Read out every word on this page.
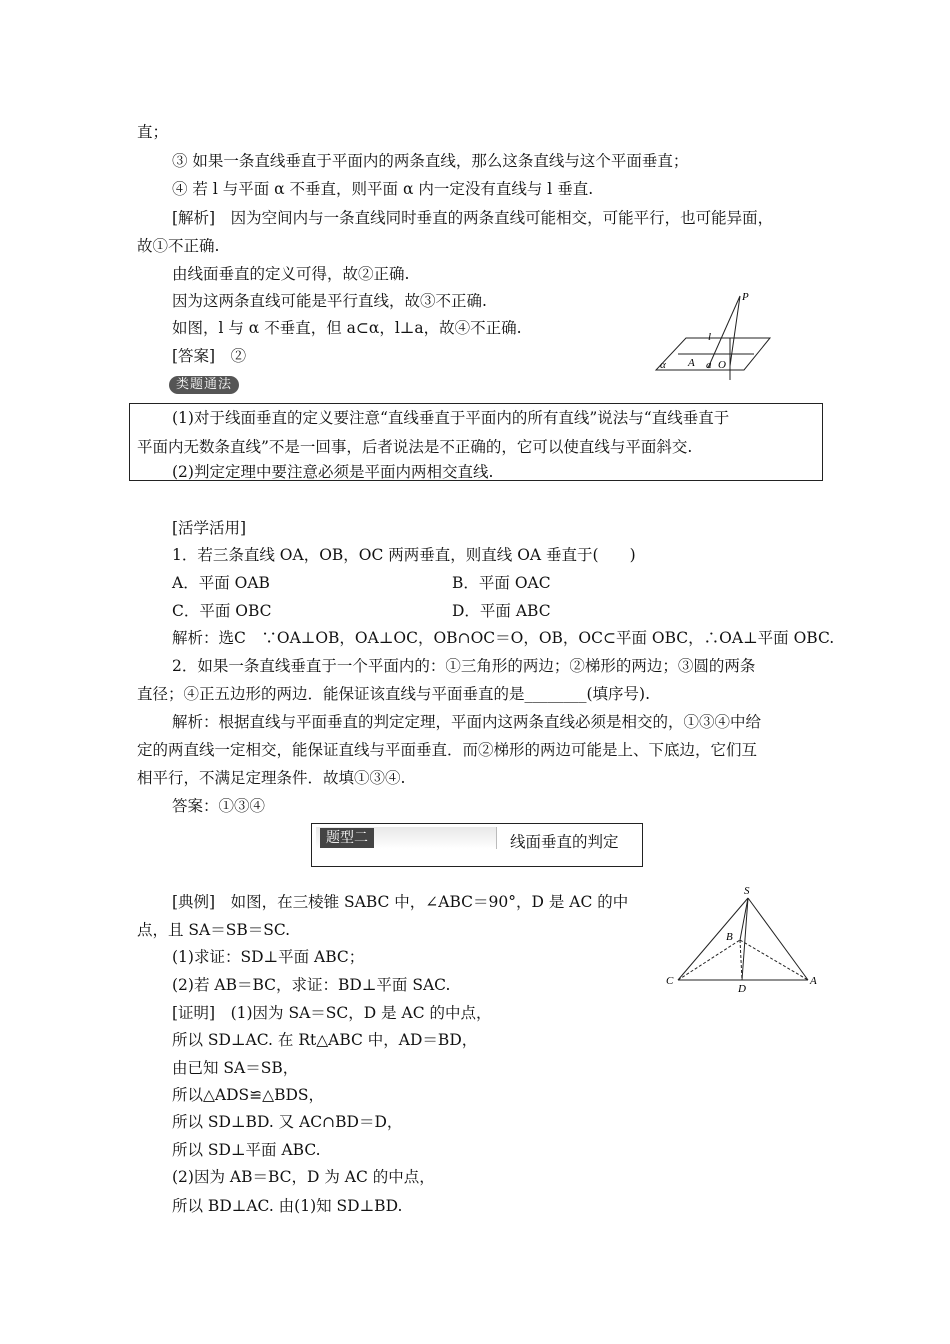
直；
③ 如果一条直线垂直于平面内的两条直线，那么这条直线与这个平面垂直；
④ 若 l 与平面 α 不垂直，则平面 α 内一定没有直线与 l 垂直.
[解析]　因为空间内与一条直线同时垂直的两条直线可能相交，可能平行，也可能异面，
故①不正确.
由线面垂直的定义可得，故②正确.
因为这两条直线可能是平行直线，故③不正确.
如图，l 与 α 不垂直，但 a⊂α，l⊥a，故④不正确.
[答案]　②
P
l
α A a O
类题通法
(1)对于线面垂直的定义要注意“直线垂直于平面内的所有直线”说法与“直线垂直于
平面内无数条直线”不是一回事，后者说法是不正确的，它可以使直线与平面斜交.
(2)判定定理中要注意必须是平面内两相交直线.
[活学活用]
1．若三条直线 OA，OB，OC 两两垂直，则直线 OA 垂直于(　　)
A．平面 OAB	B．平面 OAC
C．平面 OBC	D．平面 ABC
解析：选C　∵OA⊥OB，OA⊥OC，OB∩OC＝O，OB，OC⊂平面 OBC，∴OA⊥平面 OBC.
2．如果一条直线垂直于一个平面内的：①三角形的两边；②梯形的两边；③圆的两条
直径；④正五边形的两边．能保证该直线与平面垂直的是________(填序号).
解析：根据直线与平面垂直的判定定理，平面内这两条直线必须是相交的，①③④中给
定的两直线一定相交，能保证直线与平面垂直．而②梯形的两边可能是上、下底边，它们互
相平行，不满足定理条件．故填①③④.
答案：①③④
题型二	线面垂直的判定
[典例]　如图，在三棱锥 SABC 中，∠ABC＝90°，D 是 AC 的中
点，且 SA＝SB＝SC.
(1)求证：SD⊥平面 ABC；
(2)若 AB＝BC，求证：BD⊥平面 SAC.
[证明]　(1)因为 SA＝SC，D 是 AC 的中点，
所以 SD⊥AC. 在 Rt△ABC 中，AD＝BD，
由已知 SA＝SB，
所以△ADS≌△BDS，
所以 SD⊥BD. 又 AC∩BD＝D，
所以 SD⊥平面 ABC.
(2)因为 AB＝BC，D 为 AC 的中点，
所以 BD⊥AC. 由(1)知 SD⊥BD.
S
B
C
D
A
